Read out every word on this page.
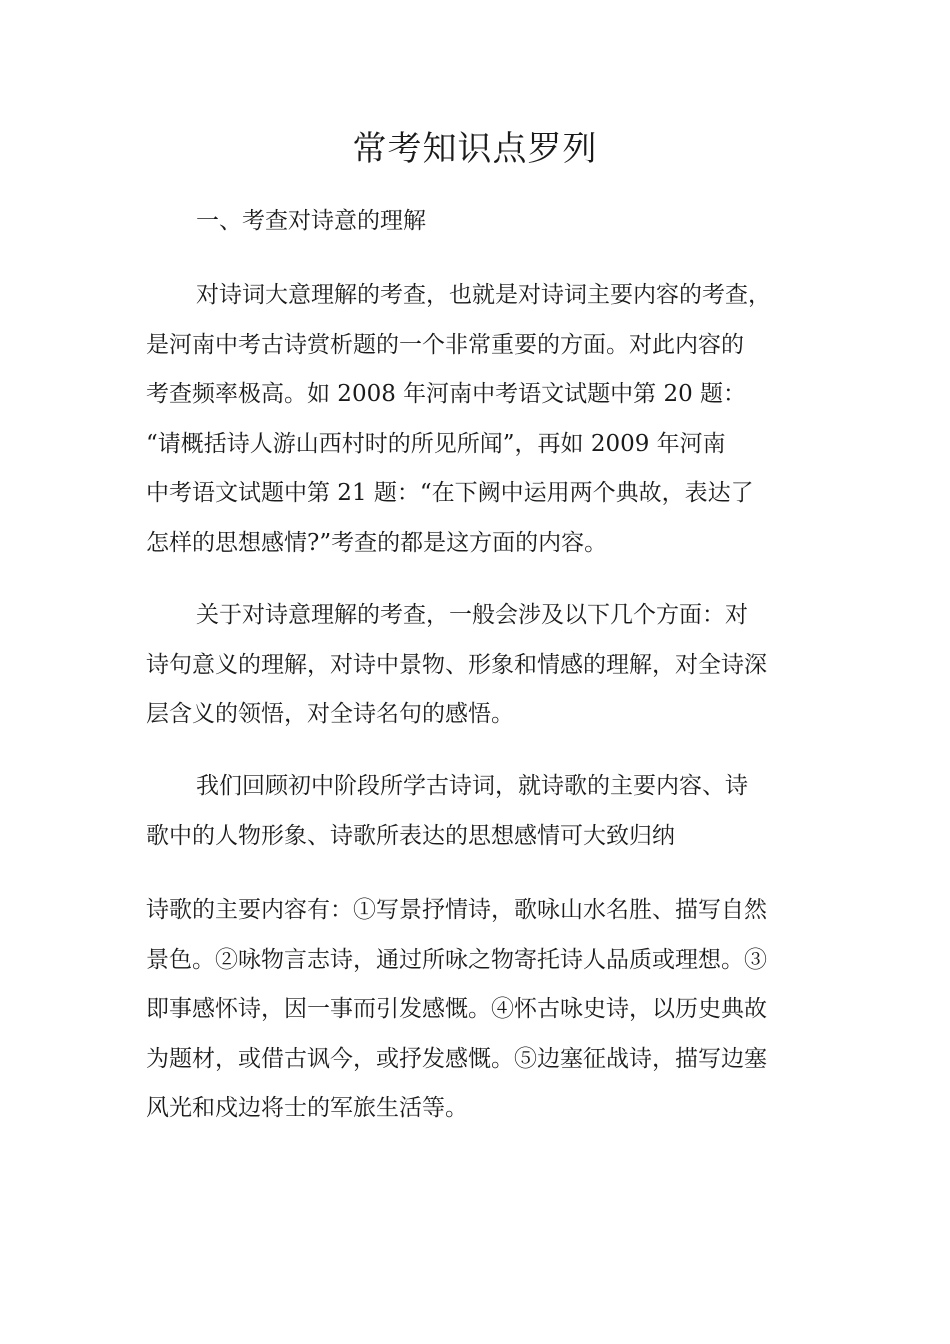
常考知识点罗列
一、考查对诗意的理解
对诗词大意理解的考查，也就是对诗词主要内容的考查，
是河南中考古诗赏析题的一个非常重要的方面。对此内容的
考查频率极高。如 2008 年河南中考语文试题中第 20 题：
“请概括诗人游山西村时的所见所闻”，再如 2009 年河南
中考语文试题中第 21 题：“在下阙中运用两个典故，表达了
怎样的思想感情?”考查的都是这方面的内容。
关于对诗意理解的考查，一般会涉及以下几个方面：对
诗句意义的理解，对诗中景物、形象和情感的理解，对全诗深
层含义的领悟，对全诗名句的感悟。
我们回顾初中阶段所学古诗词，就诗歌的主要内容、诗
歌中的人物形象、诗歌所表达的思想感情可大致归纳
诗歌的主要内容有：①写景抒情诗，歌咏山水名胜、描写自然
景色。②咏物言志诗，通过所咏之物寄托诗人品质或理想。③
即事感怀诗，因一事而引发感慨。④怀古咏史诗，以历史典故
为题材，或借古讽今，或抒发感慨。⑤边塞征战诗，描写边塞
风光和戍边将士的军旅生活等。
